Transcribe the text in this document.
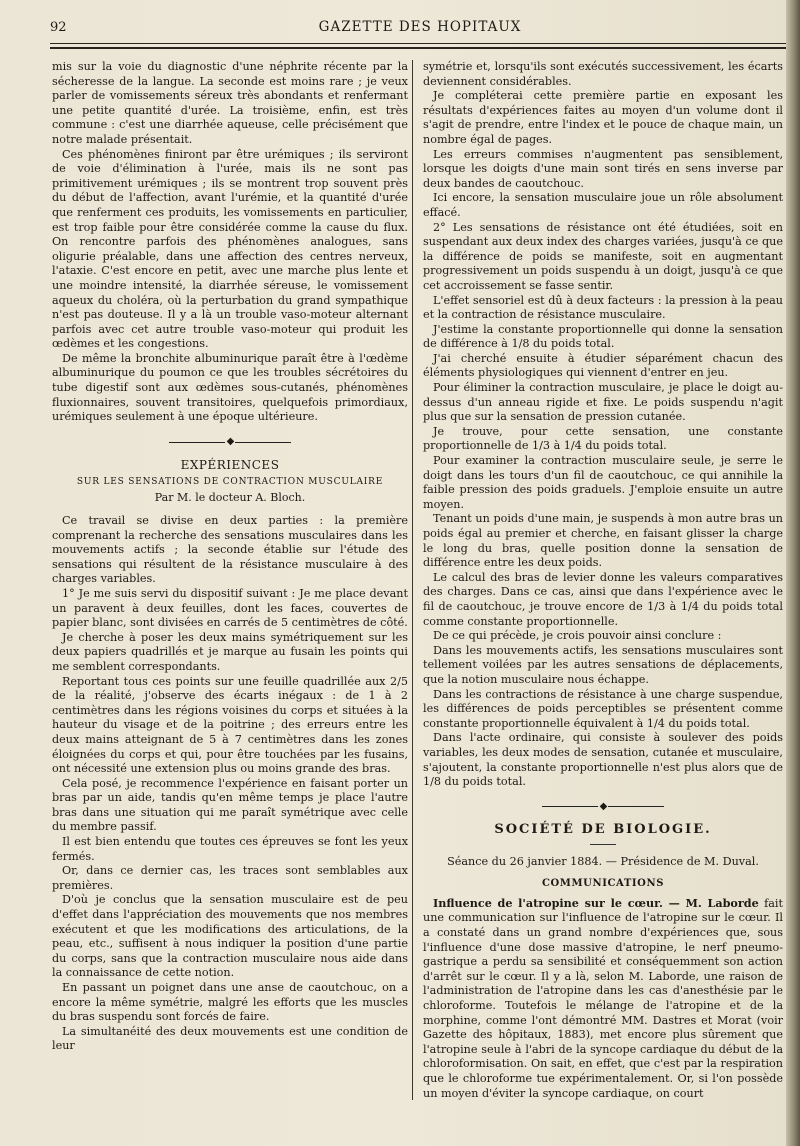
92	GAZETTE DES HOPITAUX

mis sur la voie du diagnostic d'une néphrite récente par la sécheresse de la langue. La seconde est moins rare ; je veux parler de vomissements séreux très abondants et renfermant une petite quantité d'urée. La troisième, enfin, est très commune : c'est une diarrhée aqueuse, celle précisément que notre malade présentait.

Ces phénomènes finiront par être urémiques ; ils serviront de voie d'élimination à l'urée, mais ils ne sont pas primitivement urémiques ; ils se montrent trop souvent près du début de l'affection, avant l'urémie, et la quantité d'urée que renferment ces produits, les vomissements en particulier, est trop faible pour être considérée comme la cause du flux. On rencontre parfois des phénomènes analogues, sans oligurie préalable, dans une affection des centres nerveux, l'ataxie. C'est encore en petit, avec une marche plus lente et une moindre intensité, la diarrhée séreuse, le vomissement aqueux du choléra, où la perturbation du grand sympathique n'est pas douteuse. Il y a là un trouble vaso-moteur alternant parfois avec cet autre trouble vaso-moteur qui produit les œdèmes et les congestions.

De même la bronchite albuminurique paraît être à l'œdème albuminurique du poumon ce que les troubles sécrétoires du tube digestif sont aux œdèmes sous-cutanés, phénomènes fluxionnaires, souvent transitoires, quelquefois primordiaux, urémiques seulement à une époque ultérieure.

◆
EXPÉRIENCES
SUR LES SENSATIONS DE CONTRACTION MUSCULAIRE
Par M. le docteur A. Bloch.

Ce travail se divise en deux parties : la première comprenant la recherche des sensations musculaires dans les mouvements actifs ; la seconde établie sur l'étude des sensations qui résultent de la résistance musculaire à des charges variables.

1° Je me suis servi du dispositif suivant : Je me place devant un paravent à deux feuilles, dont les faces, couvertes de papier blanc, sont divisées en carrés de 5 centimètres de côté.

Je cherche à poser les deux mains symétriquement sur les deux papiers quadrillés et je marque au fusain les points qui me semblent correspondants.

Reportant tous ces points sur une feuille quadrillée aux 2/5 de la réalité, j'observe des écarts inégaux : de 1 à 2 centimètres dans les régions voisines du corps et situées à la hauteur du visage et de la poitrine ; des erreurs entre les deux mains atteignant de 5 à 7 centimètres dans les zones éloignées du corps et qui, pour être touchées par les fusains, ont nécessité une extension plus ou moins grande des bras.

Cela posé, je recommence l'expérience en faisant porter un bras par un aide, tandis qu'en même temps je place l'autre bras dans une situation qui me paraît symétrique avec celle du membre passif.

Il est bien entendu que toutes ces épreuves se font les yeux fermés.

Or, dans ce dernier cas, les traces sont semblables aux premières.

D'où je conclus que la sensation musculaire est de peu d'effet dans l'appréciation des mouvements que nos membres exécutent et que les modifications des articulations, de la peau, etc., suffisent à nous indiquer la position d'une partie du corps, sans que la contraction musculaire nous aide dans la connaissance de cette notion.

En passant un poignet dans une anse de caoutchouc, on a encore la même symétrie, malgré les efforts que les muscles du bras suspendu sont forcés de faire.

La simultanéité des deux mouvements est une condition de leur

symétrie et, lorsqu'ils sont exécutés successivement, les écarts deviennent considérables.

Je compléterai cette première partie en exposant les résultats d'expériences faites au moyen d'un volume dont il s'agit de prendre, entre l'index et le pouce de chaque main, un nombre égal de pages.

Les erreurs commises n'augmentent pas sensiblement, lorsque les doigts d'une main sont tirés en sens inverse par deux bandes de caoutchouc.

Ici encore, la sensation musculaire joue un rôle absolument effacé.

2° Les sensations de résistance ont été étudiées, soit en suspendant aux deux index des charges variées, jusqu'à ce que la différence de poids se manifeste, soit en augmentant progressivement un poids suspendu à un doigt, jusqu'à ce que cet accroissement se fasse sentir.

L'effet sensoriel est dû à deux facteurs : la pression à la peau et la contraction de résistance musculaire.

J'estime la constante proportionnelle qui donne la sensation de différence à 1/8 du poids total.

J'ai cherché ensuite à étudier séparément chacun des éléments physiologiques qui viennent d'entrer en jeu.

Pour éliminer la contraction musculaire, je place le doigt au-dessus d'un anneau rigide et fixe. Le poids suspendu n'agit plus que sur la sensation de pression cutanée.

Je trouve, pour cette sensation, une constante proportionnelle de 1/3 à 1/4 du poids total.

Pour examiner la contraction musculaire seule, je serre le doigt dans les tours d'un fil de caoutchouc, ce qui annihile la faible pression des poids graduels. J'emploie ensuite un autre moyen.

Tenant un poids d'une main, je suspends à mon autre bras un poids égal au premier et cherche, en faisant glisser la charge le long du bras, quelle position donne la sensation de différence entre les deux poids.

Le calcul des bras de levier donne les valeurs comparatives des charges. Dans ce cas, ainsi que dans l'expérience avec le fil de caoutchouc, je trouve encore de 1/3 à 1/4 du poids total comme constante proportionnelle.

De ce qui précède, je crois pouvoir ainsi conclure :

Dans les mouvements actifs, les sensations musculaires sont tellement voilées par les autres sensations de déplacements, que la notion musculaire nous échappe.

Dans les contractions de résistance à une charge suspendue, les différences de poids perceptibles se présentent comme constante proportionnelle équivalent à 1/4 du poids total.

Dans l'acte ordinaire, qui consiste à soulever des poids variables, les deux modes de sensation, cutanée et musculaire, s'ajoutent, la constante proportionnelle n'est plus alors que de 1/8 du poids total.

◆
SOCIÉTÉ DE BIOLOGIE.
Séance du 26 janvier 1884. — Présidence de M. Duval.
COMMUNICATIONS

Influence de l'atropine sur le cœur. — M. Laborde fait une communication sur l'influence de l'atropine sur le cœur. Il a constaté dans un grand nombre d'expériences que, sous l'influence d'une dose massive d'atropine, le nerf pneumo-gastrique a perdu sa sensibilité et conséquemment son action d'arrêt sur le cœur. Il y a là, selon M. Laborde, une raison de l'administration de l'atropine dans les cas d'anesthésie par le chloroforme. Toutefois le mélange de l'atropine et de la morphine, comme l'ont démontré MM. Dastres et Morat (voir Gazette des hôpitaux, 1883), met encore plus sûrement que l'atropine seule à l'abri de la syncope cardiaque du début de la chloroformisation. On sait, en effet, que c'est par la respiration que le chloroforme tue expérimentalement. Or, si l'on possède un moyen d'éviter la syncope cardiaque, on court
